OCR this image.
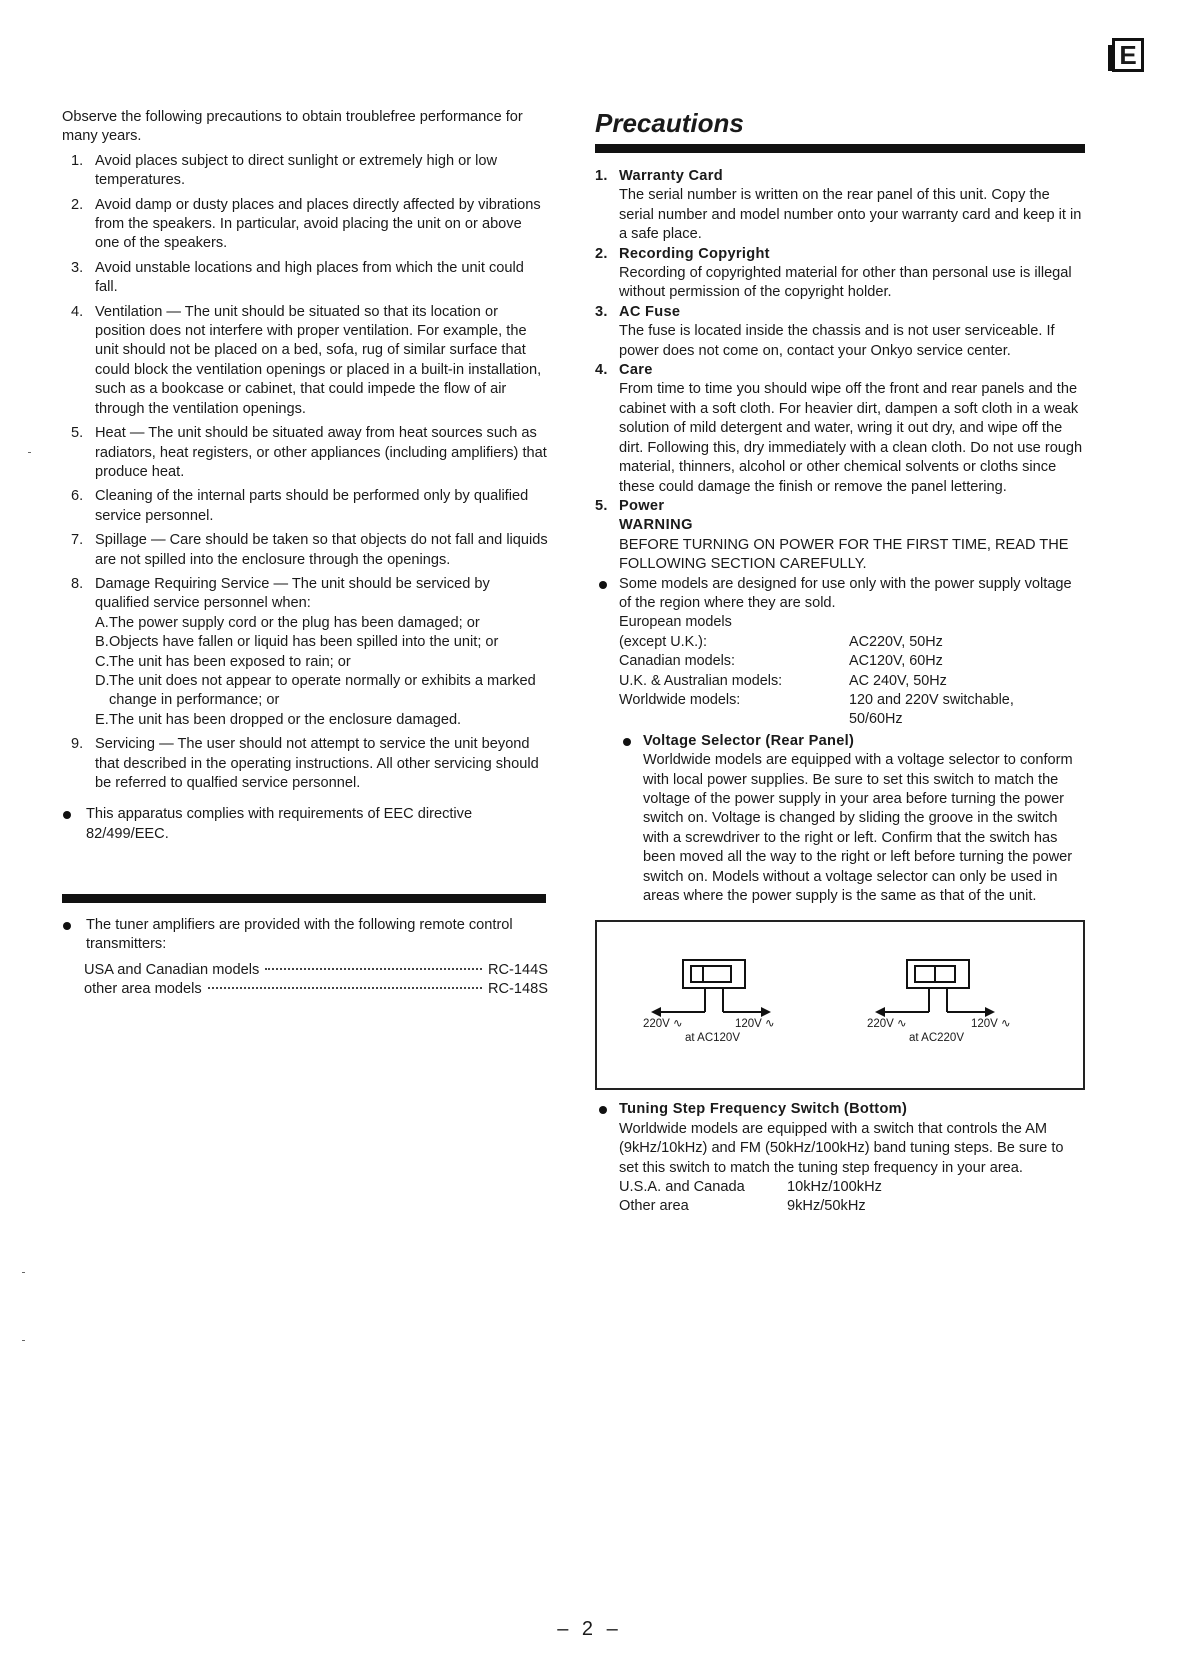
E

Observe the following precautions to obtain troublefree performance for many years.

1. Avoid places subject to direct sunlight or extremely high or low temperatures.
2. Avoid damp or dusty places and places directly affected by vibrations from the speakers. In particular, avoid placing the unit on or above one of the speakers.
3. Avoid unstable locations and high places from which the unit could fall.
4. Ventilation — The unit should be situated so that its location or position does not interfere with proper ventilation. For example, the unit should not be placed on a bed, sofa, rug of similar surface that could block the ventilation openings or placed in a built-in installation, such as a bookcase or cabinet, that could impede the flow of air through the ventilation openings.
5. Heat — The unit should be situated away from heat sources such as radiators, heat registers, or other appliances (including amplifiers) that produce heat.
6. Cleaning of the internal parts should be performed only by qualified service personnel.
7. Spillage — Care should be taken so that objects do not fall and liquids are not spilled into the enclosure through the openings.
8. Damage Requiring Service — The unit should be serviced by qualified service personnel when:
A. The power supply cord or the plug has been damaged; or
B. Objects have fallen or liquid has been spilled into the unit; or
C. The unit has been exposed to rain; or
D. The unit does not appear to operate normally or exhibits a marked change in performance; or
E. The unit has been dropped or the enclosure damaged.
9. Servicing — The user should not attempt to service the unit beyond that described in the operating instructions. All other servicing should be referred to qualfied service personnel.

This apparatus complies with requirements of EEC directive 82/499/EEC.

The tuner amplifiers are provided with the following remote control transmitters:

USA and Canadian models	RC-144S
other area models	RC-148S
Precautions
1. Warranty Card

The serial number is written on the rear panel of this unit. Copy the serial number and model number onto your warranty card and keep it in a safe place.

2. Recording Copyright

Recording of copyrighted material for other than personal use is illegal without permission of the copyright holder.

3. AC Fuse

The fuse is located inside the chassis and is not user serviceable. If power does not come on, contact your Onkyo service center.

4. Care

From time to time you should wipe off the front and rear panels and the cabinet with a soft cloth. For heavier dirt, dampen a soft cloth in a weak solution of mild detergent and water, wring it out dry, and wipe off the dirt. Following this, dry immediately with a clean cloth. Do not use rough material, thinners, alcohol or other chemical solvents or cloths since these could damage the finish or remove the panel lettering.

5. Power
WARNING

BEFORE TURNING ON POWER FOR THE FIRST TIME, READ THE FOLLOWING SECTION CAREFULLY.

Some models are designed for use only with the power supply voltage of the region where they are sold.

European models	
(except U.K.):	AC220V, 50Hz
Canadian models:	AC120V, 60Hz
U.K. & Australian models:	AC 240V, 50Hz
Worldwide models:	120 and 220V switchable, 50/60Hz
Voltage Selector (Rear Panel)

Worldwide models are equipped with a voltage selector to conform with local power supplies. Be sure to set this switch to match the voltage of the power supply in your area before turning the power switch on. Voltage is changed by sliding the groove in the switch with a screwdriver to the right or left. Confirm that the switch has been moved all the way to the right or left before turning the power switch on. Models without a voltage selector can only be used in areas where the power supply is the same as that of the unit.

220V ∿	120V ∿
at AC120V
220V ∿	120V ∿
at AC220V
Tuning Step Frequency Switch (Bottom)

Worldwide models are equipped with a switch that controls the AM (9kHz/10kHz) and FM (50kHz/100kHz) band tuning steps. Be sure to set this switch to match the tuning step frequency in your area.

U.S.A. and Canada	10kHz/100kHz
Other area	9kHz/50kHz
– 2 –
